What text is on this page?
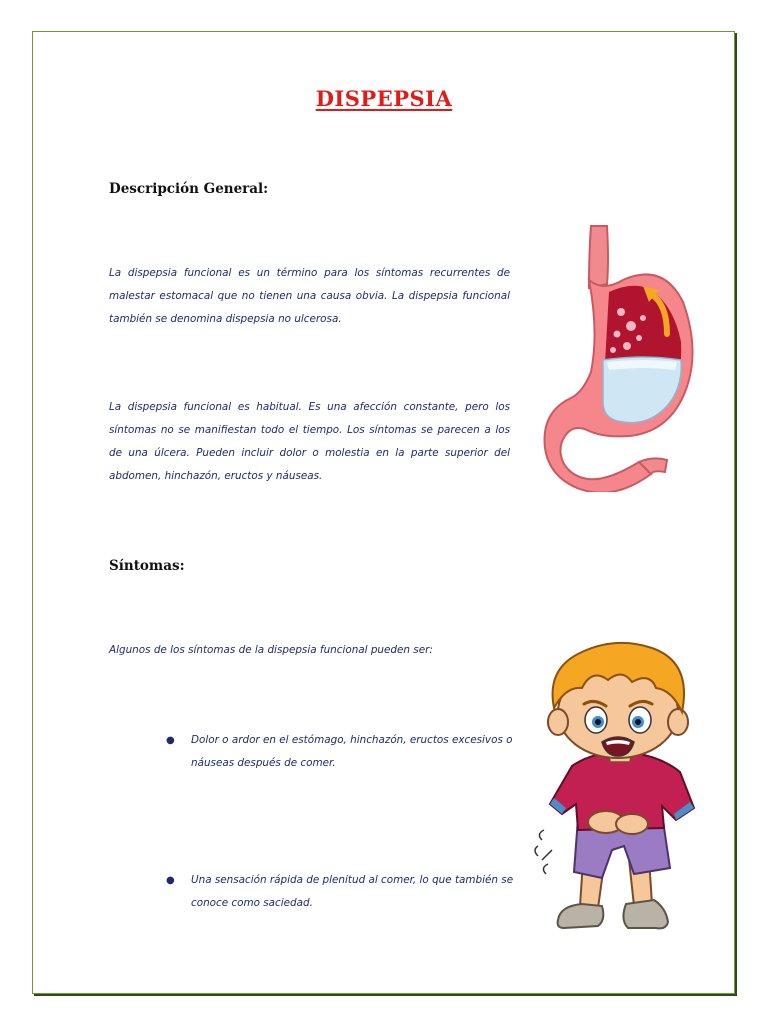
DISPEPSIA
Descripción General:
La dispepsia funcional es un término para los síntomas recurrentes de malestar estomacal que no tienen una causa obvia. La dispepsia funcional también se denomina dispepsia no ulcerosa.
La dispepsia funcional es habitual. Es una afección constante, pero los síntomas no se manifiestan todo el tiempo. Los síntomas se parecen a los de una úlcera. Pueden incluir dolor o molestia en la parte superior del abdomen, hinchazón, eructos y náuseas.
Síntomas:
Algunos de los síntomas de la dispepsia funcional pueden ser:
● Dolor o ardor en el estómago, hinchazón, eructos excesivos o náuseas después de comer.
● Una sensación rápida de plenitud al comer, lo que también se conoce como saciedad.
